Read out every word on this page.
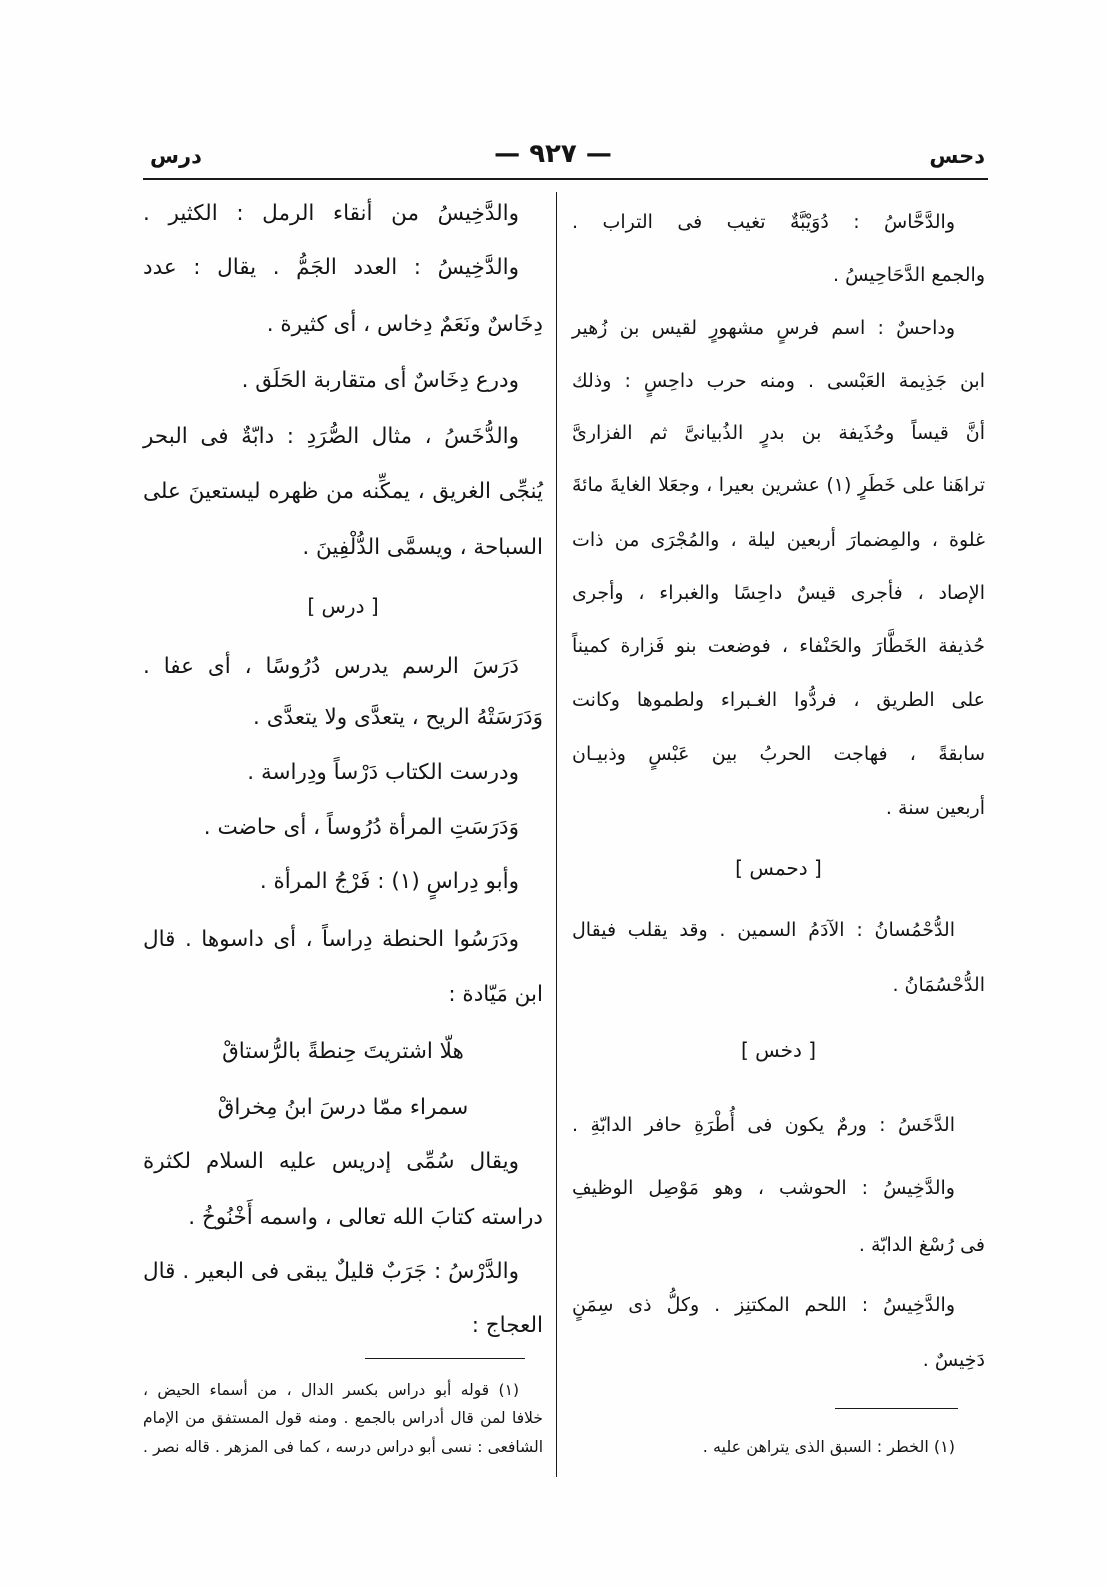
دحس
— ٩٢٧ —
درس
والدَّحَّاسُ : دُوَيْبَّةٌ تغيب فى التراب .
والجمع الدَّحَاحِيسُ .
وداحسٌ : اسم فرسٍ مشهورٍ لقيس بن زُهير
ابن جَذِيمة العَبْسى . ومنه حرب داحِسٍ : وذلك
أنَّ قيساً وحُذَيفة بن بدرٍ الذُبيانىَّ ثم الفزارىَّ
تراهَنا على خَطَرٍ (١) عشرين بعيرا ، وجعَلا الغايةَ مائةَ
غلوة ، والمِضمارَ أربعين ليلة ، والمُجْرَى من ذات
الإصاد ، فأجرى قيسٌ داحِسًا والغبراء ، وأجرى
حُذيفة الخَطَّارَ والحَنْفاء ، فوضعت بنو فَزارة كميناً
على الطريق ، فردُّوا الغـبراء ولطموها وكانت
سابقةً ، فهاجت الحربُ بين عَبْسٍ وذبيـان
أربعين سنة .
[ دحمس ]
الدُّحْمُسانُ : الآدَمُ السمين . وقد يقلب فيقال
الدُّحْسُمَانُ .
[ دخس ]
الدَّخَسُ : ورمٌ يكون فى أُطْرَةِ حافر الدابّةِ .
والدَّخِيسُ : الحوشب ، وهو مَوْصِل الوظيفِ
فى رُسْغ الدابّة .
والدَّخِيسُ : اللحم المكتنِز . وكلُّ ذى سِمَنٍ
دَخِيسٌ .
(١) الخطر : السبق الذى يتراهن عليه .
والدَّخِيسُ من أنقاء الرمل : الكثير .
والدَّخِيسُ : العدد الجَمُّ . يقال : عدد
دِخَاسٌ ونَعَمٌ دِخاس ، أى كثيرة .
ودرع دِخَاسٌ أى متقاربة الحَلَق .
والدُّخَسُ ، مثال الصُّرَدِ : دابّةٌ فى البحر
يُنجِّى الغريق ، يمكِّنه من ظهره ليستعينَ على
السباحة ، ويسمَّى الدُّلْفِينَ .
[ درس ]
دَرَسَ الرسم يدرس دُرُوسًا ، أى عفا .
وَدَرَسَتْهُ الريح ، يتعدَّى ولا يتعدَّى .
ودرست الكتاب دَرْساً ودِراسة .
وَدَرَسَتِ المرأة دُرُوساً ، أى حاضت .
وأبو دِراسٍ (١) : فَرْجُ المرأة .
ودَرَسُوا الحنطة دِراساً ، أى داسوها . قال
ابن مَيّادة :
هلّا اشتريتَ حِنطةً بالرُّستاقْ
سمراء ممّا درسَ ابنُ مِخراقْ
ويقال سُمِّى إدريس عليه السلام لكثرة
دراسته كتابَ الله تعالى ، واسمه أَخْنُوخُ .
والدَّرْسُ : جَرَبٌ قليلٌ يبقى فى البعير . قال
العجاج :
(١) قوله أبو دراس بكسر الدال ، من أسماء الحيض ،
خلافا لمن قال أدراس بالجمع . ومنه قول المستفق من الإمام
الشافعى : نسى أبو دراس درسه ، كما فى المزهر . قاله نصر .
